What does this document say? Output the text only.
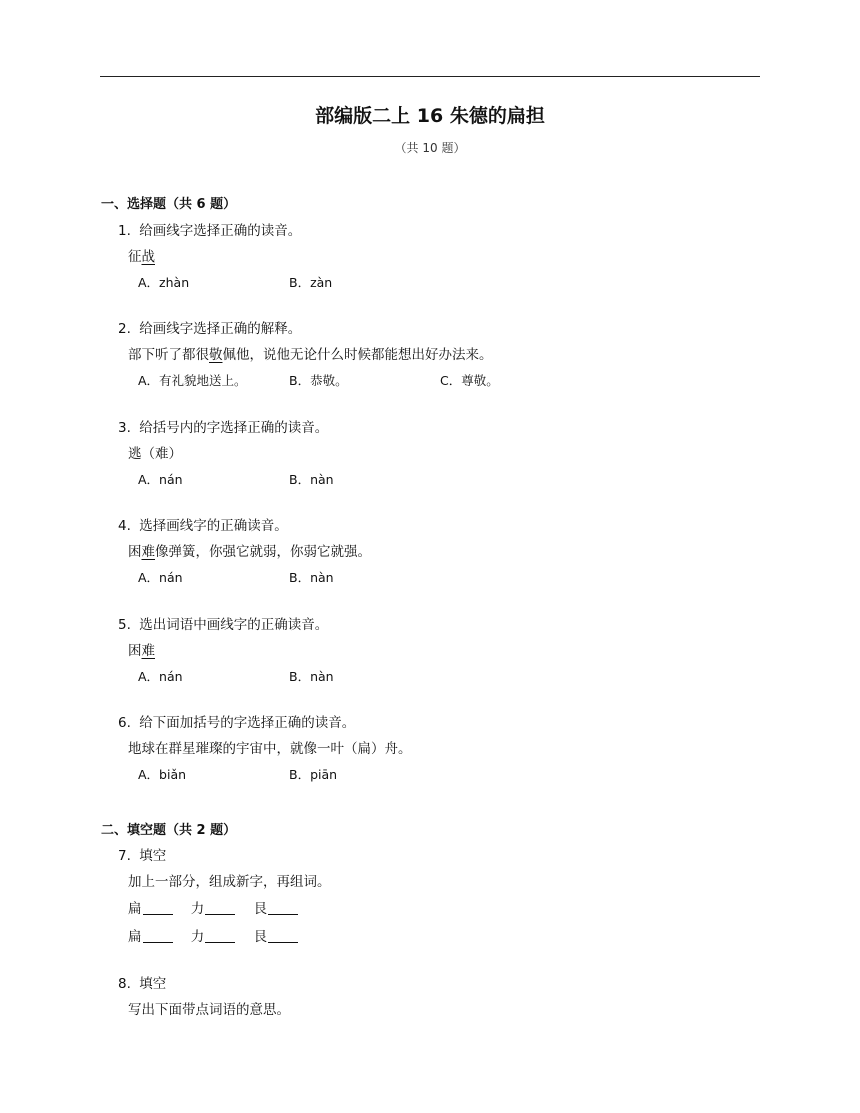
部编版二上 16 朱德的扁担
（共 10 题）
一、选择题（共 6 题）
1. 给画线字选择正确的读音。
征战
A．zhàn	B．zàn
2. 给画线字选择正确的解释。
部下听了都很敬佩他，说他无论什么时候都能想出好办法来。
A．有礼貌地送上。	B．恭敬。	C．尊敬。
3. 给括号内的字选择正确的读音。
逃（难）
A．nán	B．nàn
4. 选择画线字的正确读音。
困难像弹簧，你强它就弱，你弱它就强。
A．nán	B．nàn
5. 选出词语中画线字的正确读音。
困难
A．nán	B．nàn
6. 给下面加括号的字选择正确的读音。
地球在群星璀璨的宇宙中，就像一叶（扁）舟。
A．biǎn	B．piān
二、填空题（共 2 题）
7. 填空
加上一部分，组成新字，再组词。
扁	力	艮
扁	力	艮
8. 填空
写出下面带点词语的意思。
